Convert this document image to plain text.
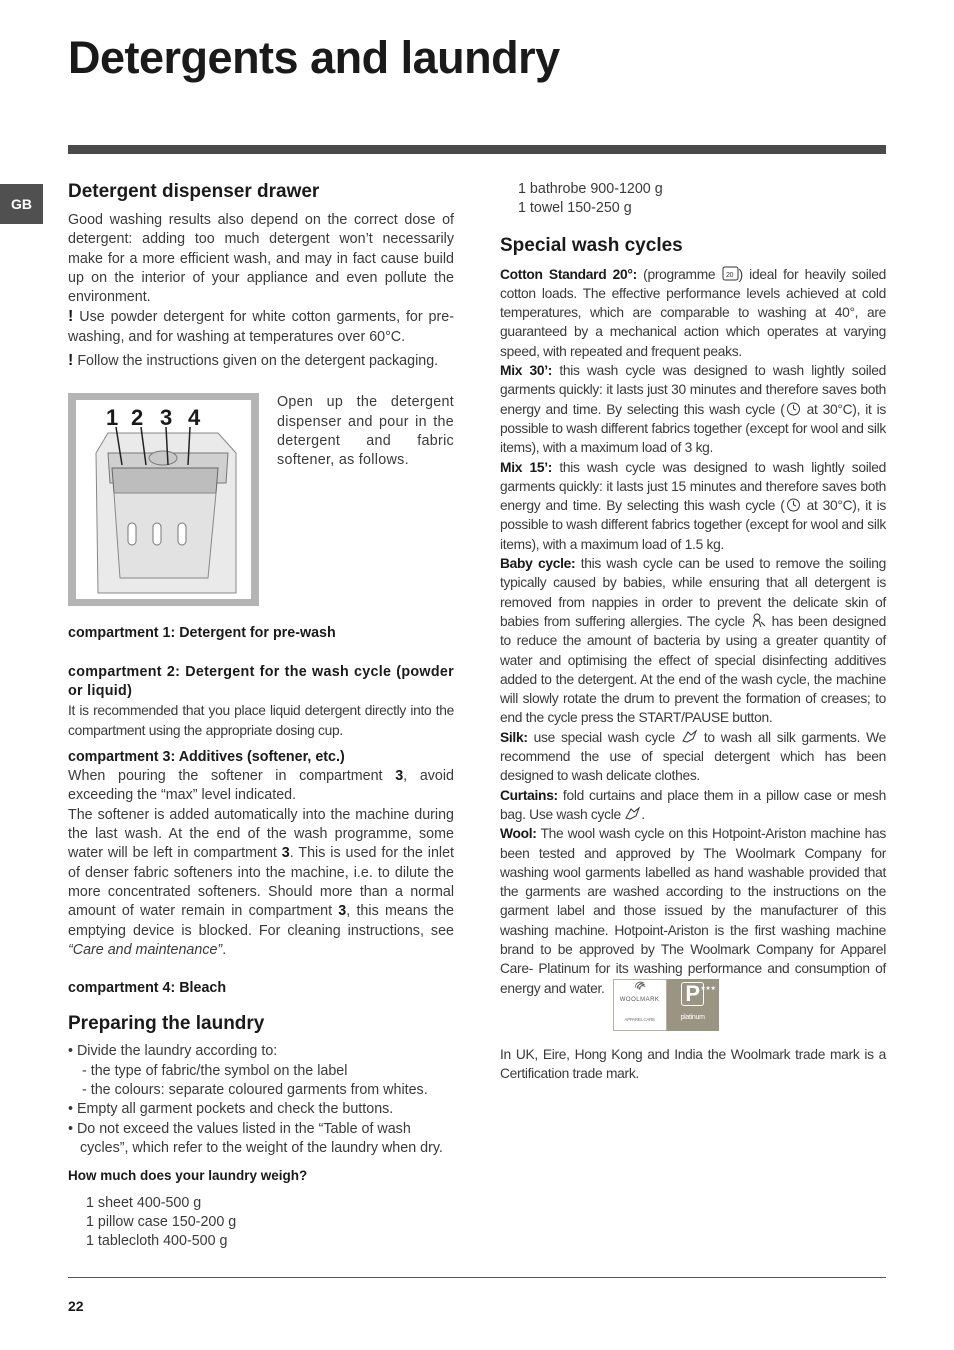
Detergents and laundry
GB
Detergent dispenser drawer

Good washing results also depend on the correct dose of detergent: adding too much detergent won’t necessarily make for a more efficient wash, and may in fact cause build up on the interior of your appliance and even pollute the environment.

! Use powder detergent for white cotton garments, for pre-washing, and for washing at temperatures over 60°C.

! Follow the instructions given on the detergent packaging.

1 2 3 4

Open up the detergent dispenser and pour in the detergent and fabric softener, as follows.

compartment 1: Detergent for pre-wash

compartment 2: Detergent for the wash cycle (powder or liquid)

It is recommended that you place liquid detergent directly into the compartment using the appropriate dosing cup.

compartment 3: Additives (softener, etc.)

When pouring the softener in compartment 3, avoid exceeding the “max” level indicated.

The softener is added automatically into the machine during the last wash. At the end of the wash programme, some water will be left in compartment 3. This is used for the inlet of denser fabric softeners into the machine, i.e. to dilute the more concentrated softeners. Should more than a normal amount of water remain in compartment 3, this means the emptying device is blocked. For cleaning instructions, see “Care and maintenance”.

compartment 4: Bleach

Preparing the laundry
• Divide the laundry according to:
- the type of fabric/the symbol on the label
- the colours: separate coloured garments from whites.
• Empty all garment pockets and check the buttons.
• Do not exceed the values listed in the “Table of wash cycles”, which refer to the weight of the laundry when dry.

How much does your laundry weigh?

1 sheet 400-500 g

1 pillow case 150-200 g

1 tablecloth 400-500 g

1 bathrobe 900-1200 g

1 towel 150-250 g

Special wash cycles

Cotton Standard 20°: (programme 20 ) ideal for heavily soiled cotton loads. The effective performance levels achieved at cold temperatures, which are comparable to washing at 40°, are guaranteed by a mechanical action which operates at varying speed, with repeated and frequent peaks.

Mix 30’: this wash cycle was designed to wash lightly soiled garments quickly: it lasts just 30 minutes and therefore saves both energy and time. By selecting this wash cycle ( at 30°C), it is possible to wash different fabrics together (except for wool and silk items), with a maximum load of 3 kg.

Mix 15’: this wash cycle was designed to wash lightly soiled garments quickly: it lasts just 15 minutes and therefore saves both energy and time. By selecting this wash cycle ( at 30°C), it is possible to wash different fabrics together (except for wool and silk items), with a maximum load of 1.5 kg.

Baby cycle: this wash cycle can be used to remove the soiling typically caused by babies, while ensuring that all detergent is removed from nappies in order to prevent the delicate skin of babies from suffering allergies. The cycle  has been designed to reduce the amount of bacteria by using a greater quantity of water and optimising the effect of special disinfecting additives added to the detergent. At the end of the wash cycle, the machine will slowly rotate the drum to prevent the formation of creases; to end the cycle press the START/PAUSE button.

Silk: use special wash cycle  to wash all silk garments. We recommend the use of special detergent which has been designed to wash delicate clothes.

Curtains: fold curtains and place them in a pillow case or mesh bag. Use wash cycle .

Wool: The wool wash cycle on this Hotpoint-Ariston machine has been tested and approved by The Woolmark Company for washing wool garments labelled as hand washable provided that the garments are washed according to the instructions on the garment label and those issued by the manufacturer of this washing machine. Hotpoint-Ariston is the first washing machine brand to be approved by The Woolmark Company for Apparel Care- Platinum for its washing performance and consumption of energy and water.
WOOLMARK
APPAREL CARE
★★★
P
platinum

In UK, Eire, Hong Kong and India the Woolmark trade mark is a Certification trade mark.

22
